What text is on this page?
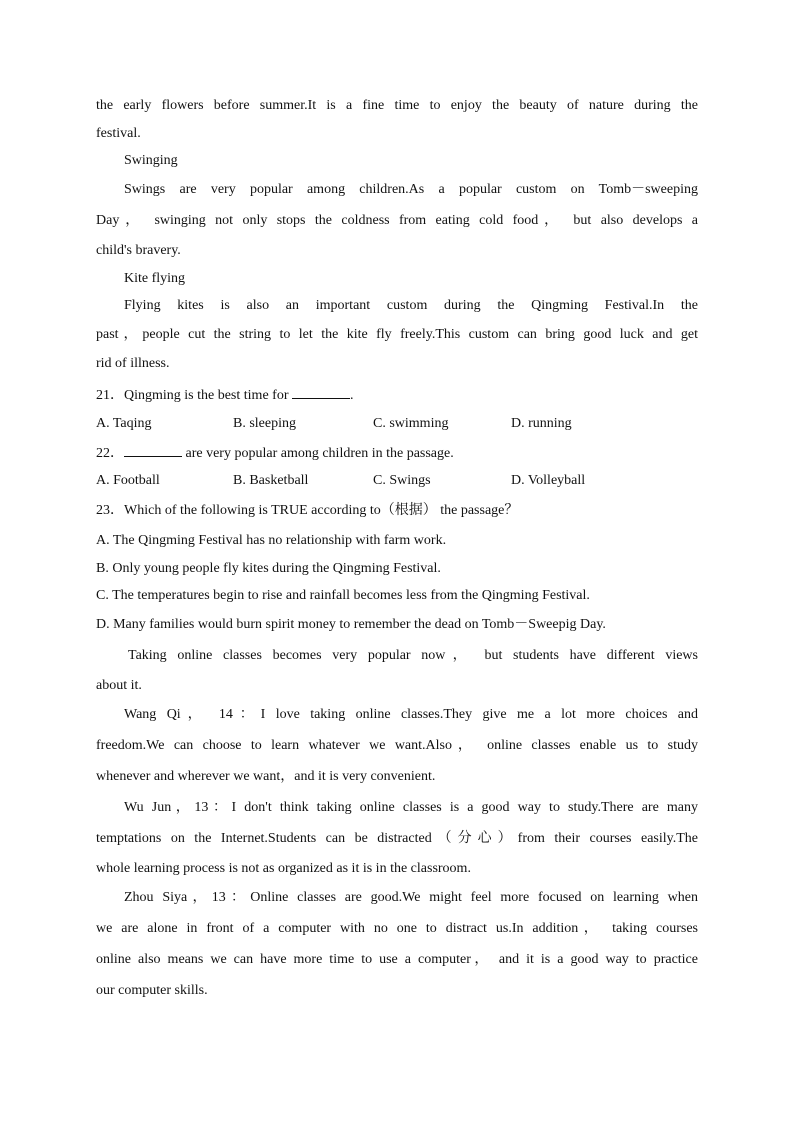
the early flowers before summer.It is a fine time to enjoy the beauty of nature during the
festival.
Swinging
Swings are very popular among children.As a popular custom on Tomb－sweeping
Day， swinging not only stops the coldness from eating cold food， but also develops a
child's bravery.
Kite flying
Flying kites is also an important custom during the Qingming Festival.In the
past，people cut the string to let the kite fly freely.This custom can bring good luck and get
rid of illness.
21．Qingming is the best time for	.
A. Taqing	B. sleeping	C. swimming	D. running
22．	are very popular among children in the passage.
A. Football	B. Basketball	C. Swings	D. Volleyball
23．Which of the following is TRUE according to（根据） the passage？
A. The Qingming Festival has no relationship with farm work.
B. Only young people fly kites during the Qingming Festival.
C. The temperatures begin to rise and rainfall becomes less from the Qingming Festival.
D. Many families would burn spirit money to remember the dead on Tomb－Sweepig Day.
Taking online classes becomes very popular now， but students have different views
about it.
Wang Qi， 14：I love taking online classes.They give me a lot more choices and
freedom.We can choose to learn whatever we want.Also， online classes enable us to study
whenever and wherever we want，and it is very convenient.
Wu Jun，13：I don't think taking online classes is a good way to study.There are many
temptations on the Internet.Students can be distracted（分心）from their courses easily.The
whole learning process is not as organized as it is in the classroom.
Zhou Siya，13：Online classes are good.We might feel more focused on learning when
we are alone in front of a computer with no one to distract us.In addition， taking courses
online also means we can have more time to use a computer， and it is a good way to practice
our computer skills.
